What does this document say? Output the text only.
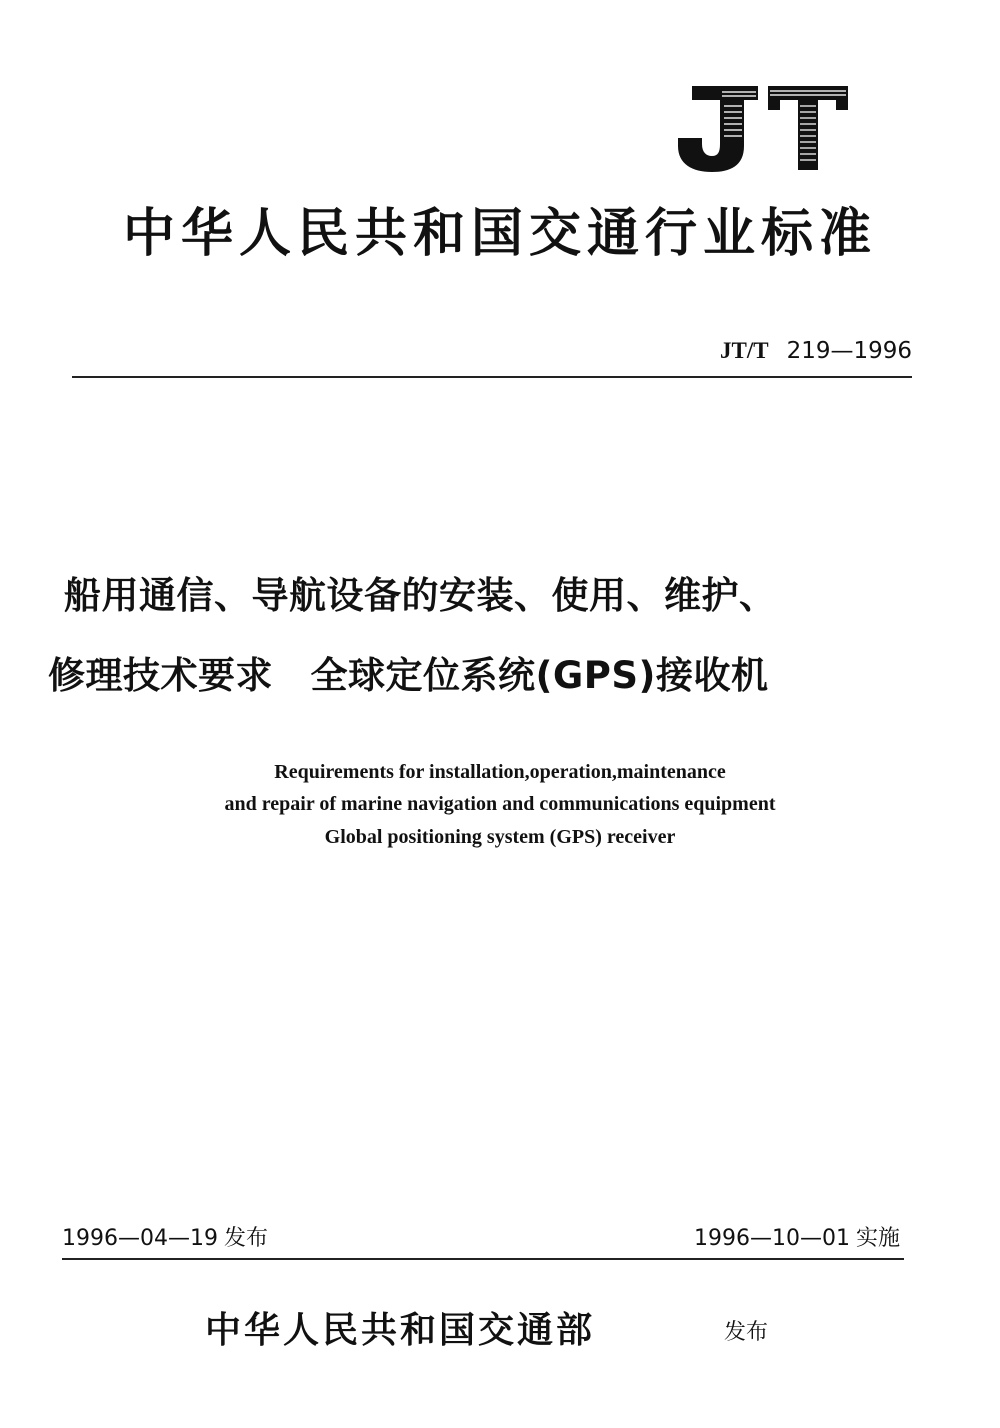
中华人民共和国交通行业标准
JT/T 219—1996
船用通信、导航设备的安装、使用、维护、
修理技术要求　全球定位系统(GPS)接收机
Requirements for installation,operation,maintenance
and repair of marine navigation and communications equipment
Global positioning system (GPS) receiver
1996—04—19 发布	1996—10—01 实施
中华人民共和国交通部	发布
